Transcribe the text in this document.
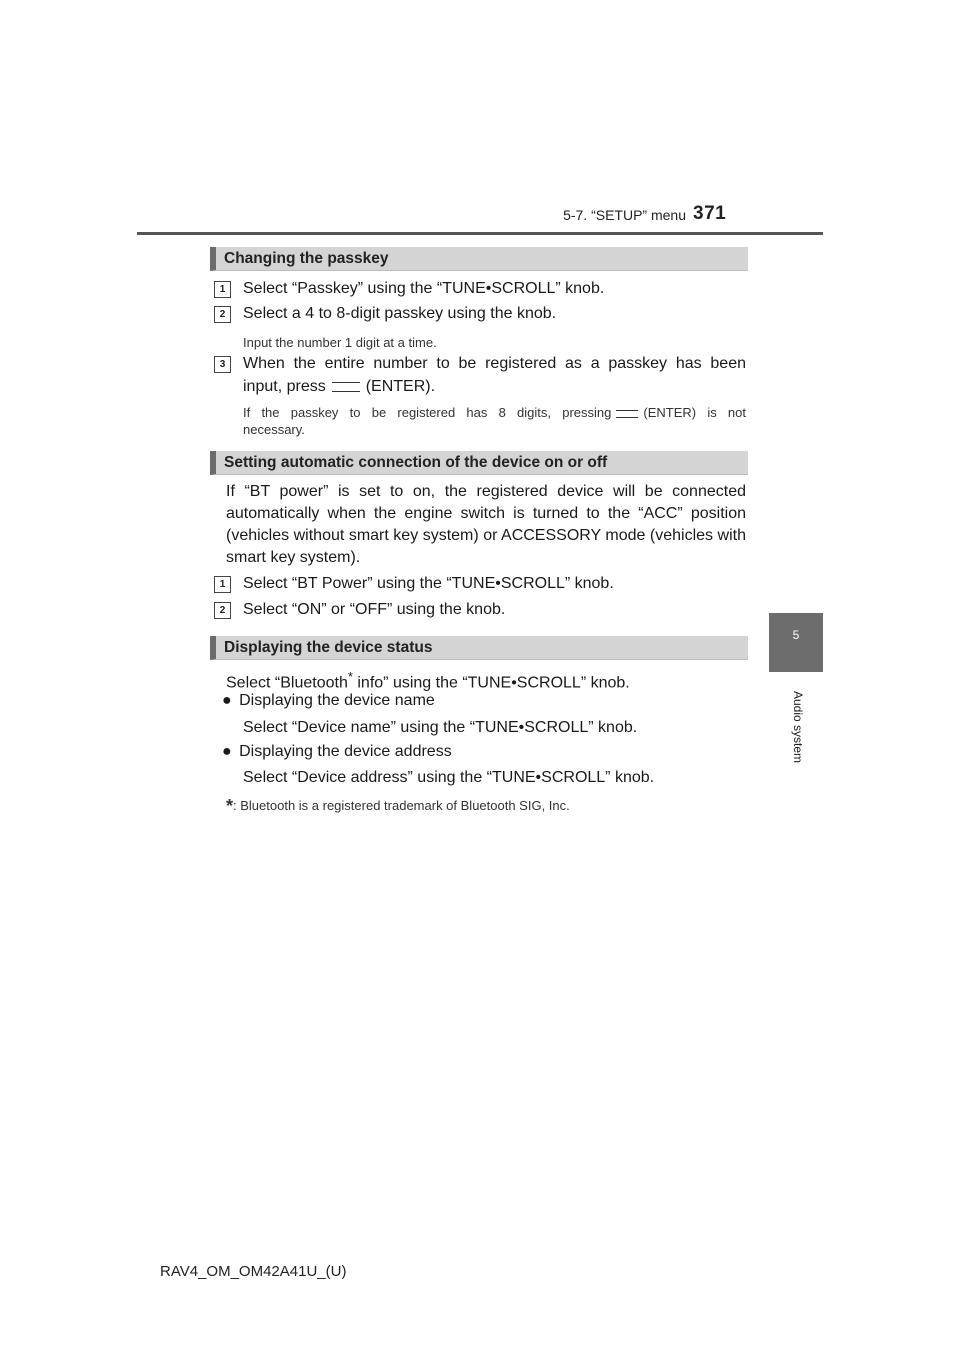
5-7. “SETUP” menu 371
5
Audio system
Changing the passkey
1	Select “Passkey” using the “TUNE•SCROLL” knob.
2	Select a 4 to 8-digit passkey using the knob.
Input the number 1 digit at a time.
3	When the entire number to be registered as a passkey has been
input, press	(ENTER).
If the passkey to be registered has 8 digits, pressing (ENTER) is not
necessary.
Setting automatic connection of the device on or off
If “BT power” is set to on, the registered device will be connected automatically when the engine switch is turned to the “ACC” position (vehicles without smart key system) or ACCESSORY mode (vehicles with smart key system).
1	Select “BT Power” using the “TUNE•SCROLL” knob.
2	Select “ON” or “OFF” using the knob.
Displaying the device status
Select “Bluetooth* info” using the “TUNE•SCROLL” knob.
● Displaying the device name
Select “Device name” using the “TUNE•SCROLL” knob.
● Displaying the device address
Select “Device address” using the “TUNE•SCROLL” knob.
*: Bluetooth is a registered trademark of Bluetooth SIG, Inc.
RAV4_OM_OM42A41U_(U)
